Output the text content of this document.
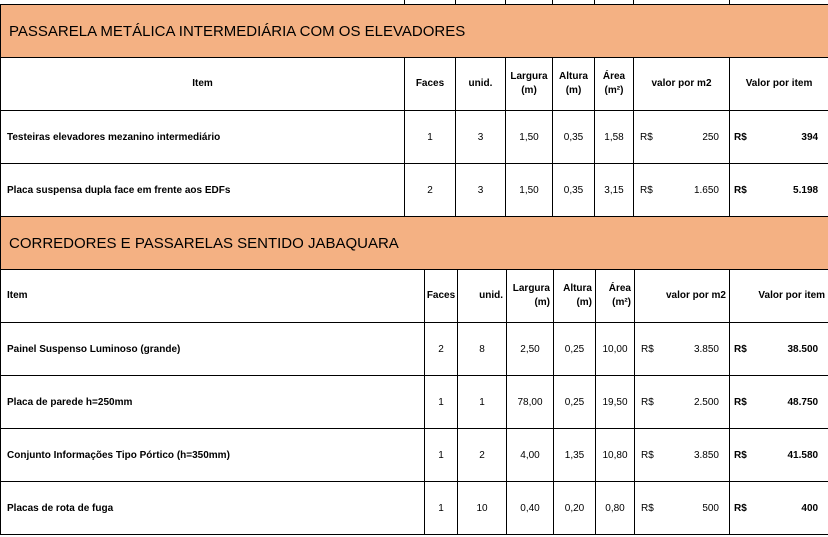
PASSARELA METÁLICA INTERMEDIÁRIA COM OS ELEVADORES									
Item	Faces	unid.	Largura (m)	Altura (m)	Área (m²)	valor por m2		Valor por item	
Testeiras elevadores mezanino intermediário	1	3	1,50	0,35	1,58	R$	250	R$	394
Placa suspensa dupla face em frente aos EDFs	2	3	1,50	0,35	3,15	R$	1.650	R$	5.198
CORREDORES E PASSARELAS SENTIDO JABAQUARA									
Item	Faces	unid.	Largura (m)	Altura (m)	Área (m²)	valor por m2		Valor por item	
Painel Suspenso Luminoso (grande)	2	8	2,50	0,25	10,00	R$	3.850	R$	38.500
Placa de parede h=250mm	1	1	78,00	0,25	19,50	R$	2.500	R$	48.750
Conjunto Informações Tipo Pórtico (h=350mm)	1	2	4,00	1,35	10,80	R$	3.850	R$	41.580
Placas de rota de fuga	1	10	0,40	0,20	0,80	R$	500	R$	400
